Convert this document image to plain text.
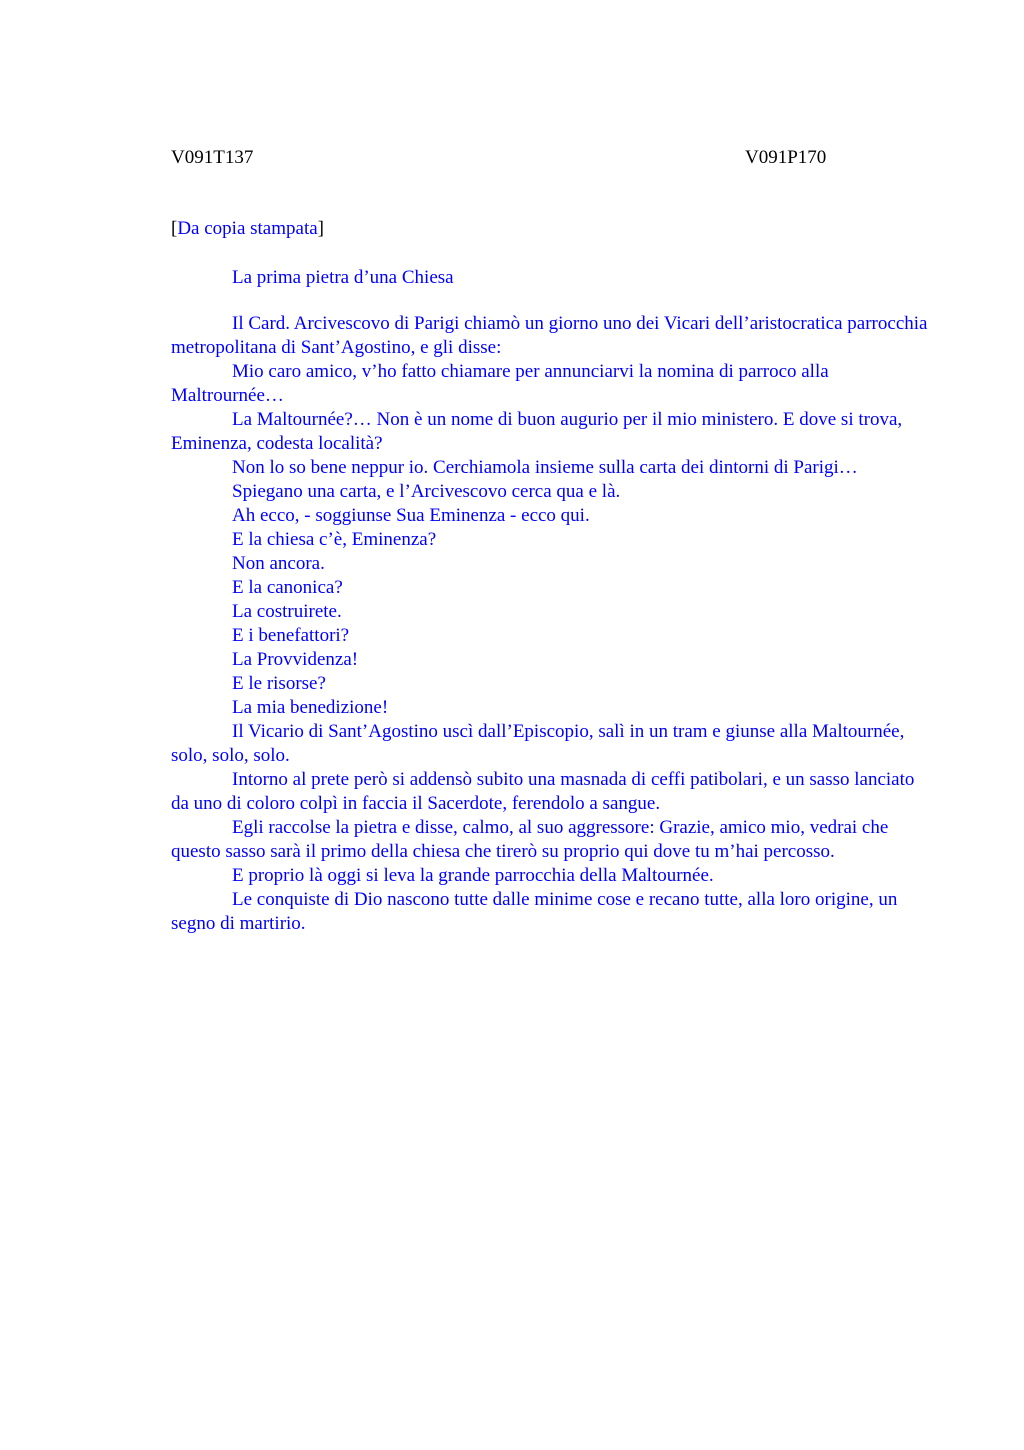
V091T137	V091P170
[Da copia stampata]
La prima pietra d’una Chiesa

Il Card. Arcivescovo di Parigi chiamò un giorno uno dei Vicari dell’aristocratica parrocchia metropolitana di Sant’Agostino, e gli disse:

Mio caro amico, v’ho fatto chiamare per annunciarvi la nomina di parroco alla Maltrournée…

La Maltournée?… Non è un nome di buon augurio per il mio ministero. E dove si trova, Eminenza, codesta località?

Non lo so bene neppur io. Cerchiamola insieme sulla carta dei dintorni di Parigi…

Spiegano una carta, e l’Arcivescovo cerca qua e là.

Ah ecco, - soggiunse Sua Eminenza - ecco qui.

E la chiesa c’è, Eminenza?

Non ancora.

E la canonica?

La costruirete.

E i benefattori?

La Provvidenza!

E le risorse?

La mia benedizione!

Il Vicario di Sant’Agostino uscì dall’Episcopio, salì in un tram e giunse alla Maltournée, solo, solo, solo.

Intorno al prete però si addensò subito una masnada di ceffi patibolari, e un sasso lanciato da uno di coloro colpì in faccia il Sacerdote, ferendolo a sangue.

Egli raccolse la pietra e disse, calmo, al suo aggressore: Grazie, amico mio, vedrai che questo sasso sarà il primo della chiesa che tirerò su proprio qui dove tu m’hai percosso.

E proprio là oggi si leva la grande parrocchia della Maltournée.

Le conquiste di Dio nascono tutte dalle minime cose e recano tutte, alla loro origine, un segno di martirio.
